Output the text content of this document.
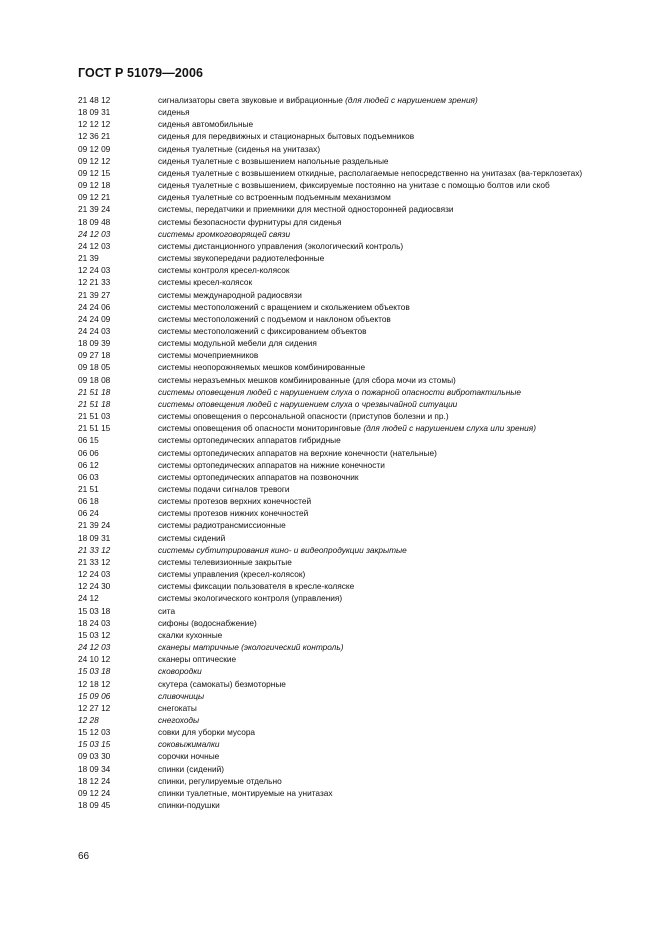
ГОСТ Р 51079—2006
21 48 12	сигнализаторы света звуковые и вибрационные (для людей с нарушением зрения)
18 09 31	сиденья
12 12 12	сиденья автомобильные
12 36 21	сиденья для передвижных и стационарных бытовых подъемников
09 12 09	сиденья туалетные (сиденья на унитазах)
09 12 12	сиденья туалетные с возвышением напольные раздельные
09 12 15	сиденья туалетные с возвышением откидные, располагаемые непосредственно на унитазах (ва-терклозетах)
09 12 18	сиденья туалетные с возвышением, фиксируемые постоянно на унитазе с помощью болтов или скоб
09 12 21	сиденья туалетные со встроенным подъемным механизмом
21 39 24	системы, передатчики и приемники для местной односторонней радиосвязи
18 09 48	системы безопасности фурнитуры для сиденья
24 12 03	системы громкоговорящей связи
24 12 03	системы дистанционного управления (экологический контроль)
21 39	системы звукопередачи радиотелефонные
12 24 03	системы контроля кресел-колясок
12 21 33	системы кресел-колясок
21 39 27	системы международной радиосвязи
24 24 06	системы местоположений с вращением и скольжением объектов
24 24 09	системы местоположений с подъемом и наклоном объектов
24 24 03	системы местоположений с фиксированием объектов
18 09 39	системы модульной мебели для сидения
09 27 18	системы мочеприемников
09 18 05	системы неопорожняемых мешков комбинированные
09 18 08	системы неразъемных мешков комбинированные (для сбора мочи из стомы)
21 51 18	системы оповещения людей с нарушением слуха о пожарной опасности вибротактильные
21 51 18	системы оповещения людей с нарушением слуха о чрезвычайной ситуации
21 51 03	системы оповещения о персональной опасности (приступов болезни и пр.)
21 51 15	системы оповещения об опасности мониторинговые (для людей с нарушением слуха или зрения)
06 15	системы ортопедических аппаратов гибридные
06 06	системы ортопедических аппаратов на верхние конечности (нательные)
06 12	системы ортопедических аппаратов на нижние конечности
06 03	системы ортопедических аппаратов на позвоночник
21 51	системы подачи сигналов тревоги
06 18	системы протезов верхних конечностей
06 24	системы протезов нижних конечностей
21 39 24	системы радиотрансмиссионные
18 09 31	системы сидений
21 33 12	системы субтитрирования кино- и видеопродукции закрытые
21 33 12	системы телевизионные закрытые
12 24 03	системы управления (кресел-колясок)
12 24 30	системы фиксации пользователя в кресле-коляске
24 12	системы экологического контроля (управления)
15 03 18	сита
18 24 03	сифоны (водоснабжение)
15 03 12	скалки кухонные
24 12 03	сканеры матричные (экологический контроль)
24 10 12	сканеры оптические
15 03 18	сковородки
12 18 12	скутера (самокаты) безмоторные
15 09 06	сливочницы
12 27 12	снегокаты
12 28	снегоходы
15 12 03	совки для уборки мусора
15 03 15	соковыжималки
09 03 30	сорочки ночные
18 09 34	спинки (сидений)
18 12 24	спинки, регулируемые отдельно
09 12 24	спинки туалетные, монтируемые на унитазах
18 09 45	спинки-подушки
66
